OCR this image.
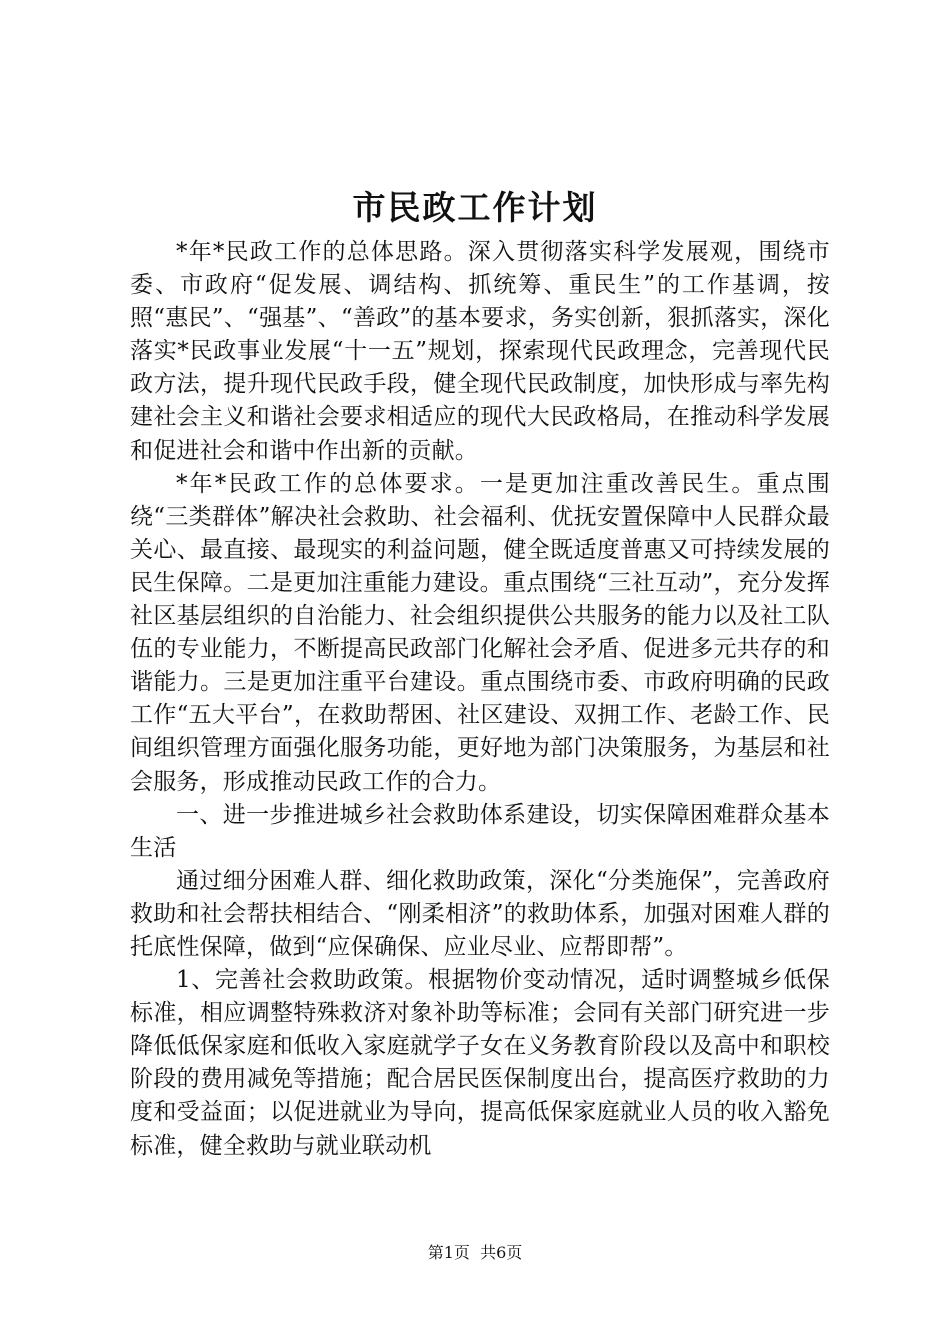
市民政工作计划

*年*民政工作的总体思路。深入贯彻落实科学发展观，围绕市委、市政府“促发展、调结构、抓统筹、重民生”的工作基调，按照“惠民”、“强基”、“善政”的基本要求，务实创新，狠抓落实，深化落实*民政事业发展“十一五”规划，探索现代民政理念，完善现代民政方法，提升现代民政手段，健全现代民政制度，加快形成与率先构建社会主义和谐社会要求相适应的现代大民政格局，在推动科学发展和促进社会和谐中作出新的贡献。

*年*民政工作的总体要求。一是更加注重改善民生。重点围绕“三类群体”解决社会救助、社会福利、优抚安置保障中人民群众最关心、最直接、最现实的利益问题，健全既适度普惠又可持续发展的民生保障。二是更加注重能力建设。重点围绕“三社互动”，充分发挥社区基层组织的自治能力、社会组织提供公共服务的能力以及社工队伍的专业能力，不断提高民政部门化解社会矛盾、促进多元共存的和谐能力。三是更加注重平台建设。重点围绕市委、市政府明确的民政工作“五大平台”，在救助帮困、社区建设、双拥工作、老龄工作、民间组织管理方面强化服务功能，更好地为部门决策服务，为基层和社会服务，形成推动民政工作的合力。

一、进一步推进城乡社会救助体系建设，切实保障困难群众基本生活

通过细分困难人群、细化救助政策，深化“分类施保”，完善政府救助和社会帮扶相结合、“刚柔相济”的救助体系，加强对困难人群的托底性保障，做到“应保确保、应业尽业、应帮即帮”。

1、完善社会救助政策。根据物价变动情况，适时调整城乡低保标准，相应调整特殊救济对象补助等标准；会同有关部门研究进一步降低低保家庭和低收入家庭就学子女在义务教育阶段以及高中和职校阶段的费用减免等措施；配合居民医保制度出台，提高医疗救助的力度和受益面；以促进就业为导向，提高低保家庭就业人员的收入豁免标准，健全救助与就业联动机

第1页  共6页
